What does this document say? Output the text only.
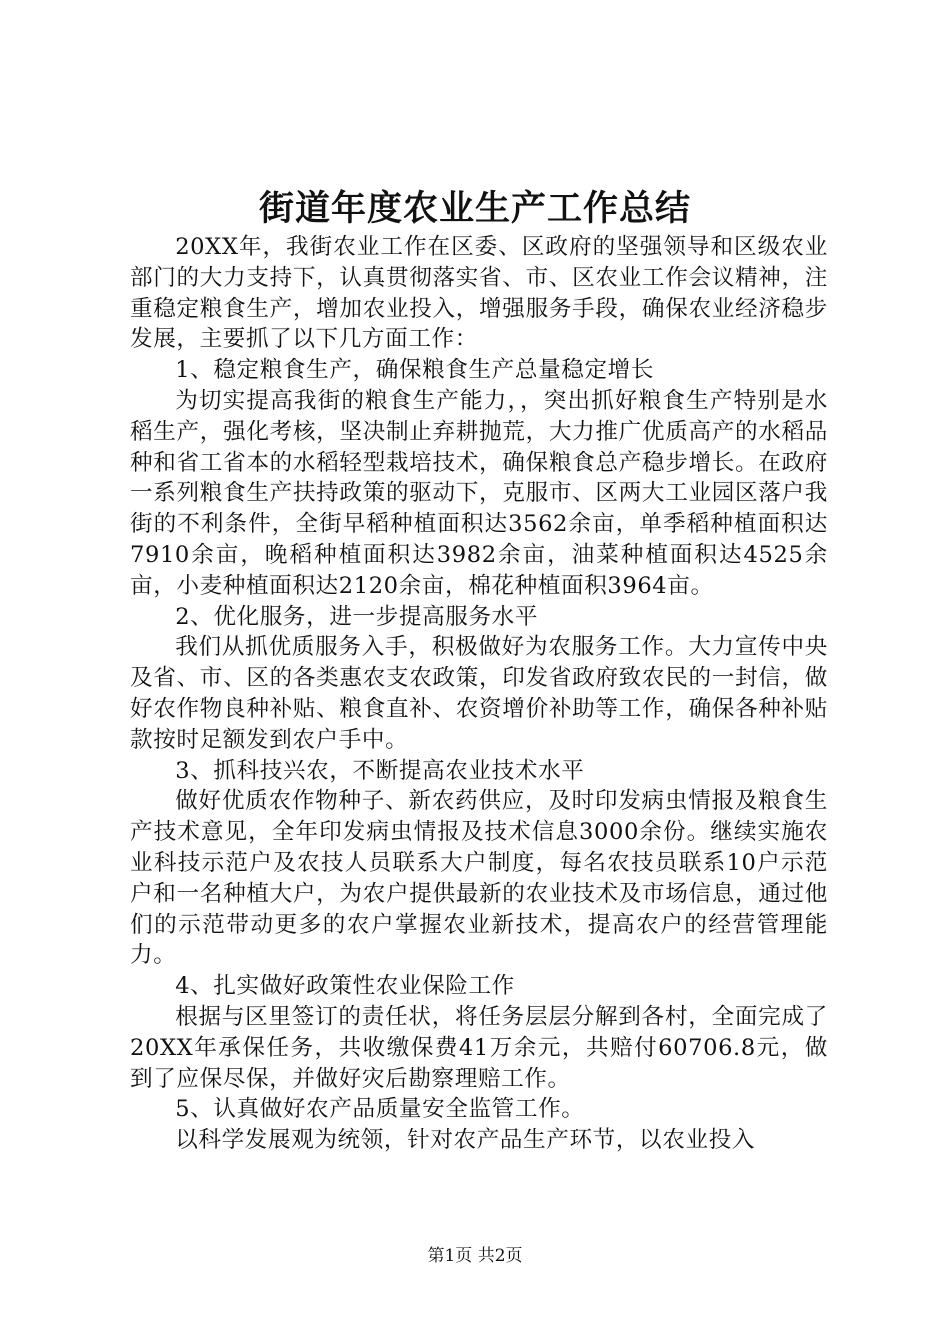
街道年度农业生产工作总结

20XX年，我街农业工作在区委、区政府的坚强领导和区级农业部门的大力支持下，认真贯彻落实省、市、区农业工作会议精神，注重稳定粮食生产，增加农业投入，增强服务手段，确保农业经济稳步发展，主要抓了以下几方面工作：

1、稳定粮食生产，确保粮食生产总量稳定增长

为切实提高我街的粮食生产能力，，突出抓好粮食生产特别是水稻生产，强化考核，坚决制止弃耕抛荒，大力推广优质高产的水稻品种和省工省本的水稻轻型栽培技术，确保粮食总产稳步增长。在政府一系列粮食生产扶持政策的驱动下，克服市、区两大工业园区落户我街的不利条件，全街早稻种植面积达3562余亩，单季稻种植面积达7910余亩，晚稻种植面积达3982余亩，油菜种植面积达4525余亩，小麦种植面积达2120余亩，棉花种植面积3964亩。

2、优化服务，进一步提高服务水平

我们从抓优质服务入手，积极做好为农服务工作。大力宣传中央及省、市、区的各类惠农支农政策，印发省政府致农民的一封信，做好农作物良种补贴、粮食直补、农资增价补助等工作，确保各种补贴款按时足额发到农户手中。

3、抓科技兴农，不断提高农业技术水平

做好优质农作物种子、新农药供应，及时印发病虫情报及粮食生产技术意见，全年印发病虫情报及技术信息3000余份。继续实施农业科技示范户及农技人员联系大户制度，每名农技员联系10户示范户和一名种植大户，为农户提供最新的农业技术及市场信息，通过他们的示范带动更多的农户掌握农业新技术，提高农户的经营管理能力。

4、扎实做好政策性农业保险工作

根据与区里签订的责任状，将任务层层分解到各村，全面完成了20XX年承保任务，共收缴保费41万余元，共赔付60706.8元，做到了应保尽保，并做好灾后勘察理赔工作。

5、认真做好农产品质量安全监管工作。

以科学发展观为统领，针对农产品生产环节，以农业投入

第1页 共2页
